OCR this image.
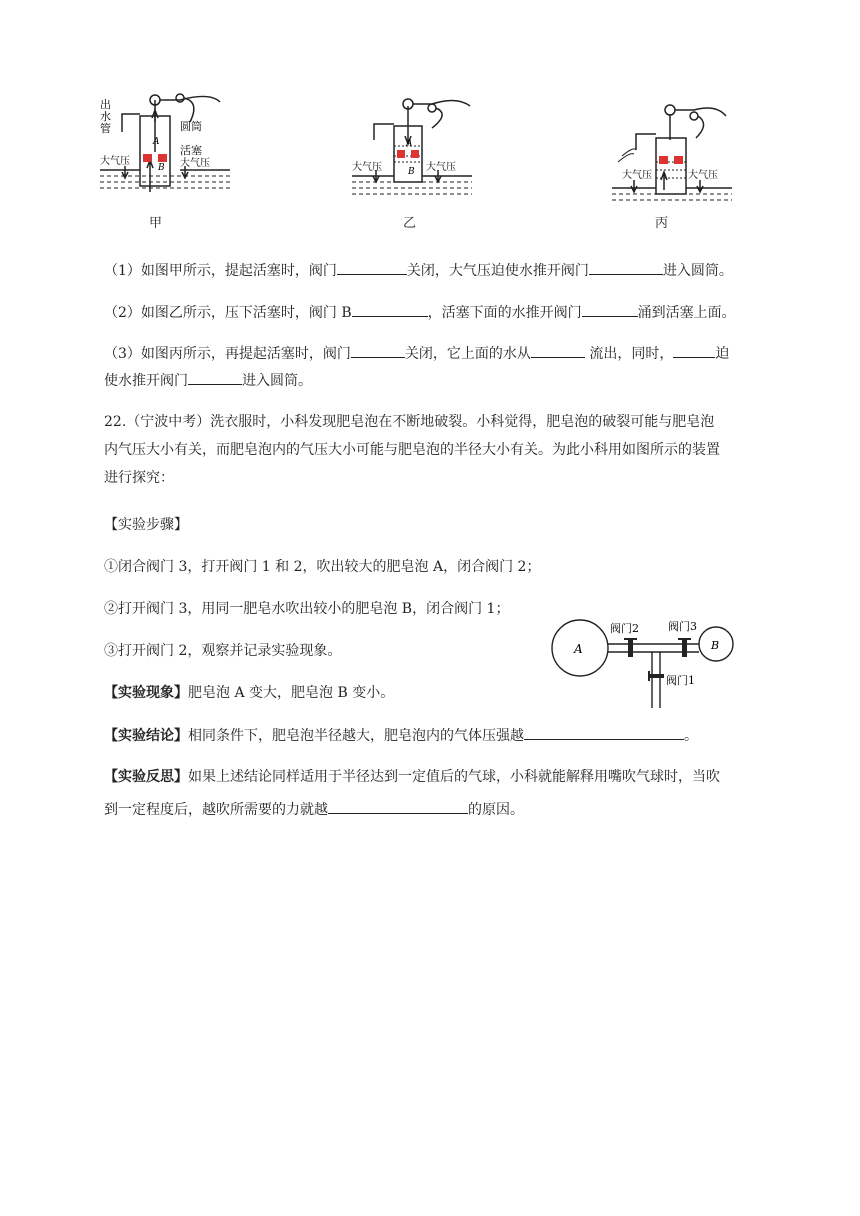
出
水
管	圆筒
活塞
大气压	大气压
A
B
甲
大气压	大气压
A
B
乙
大气压	大气压
丙
（1）如图甲所示，提起活塞时，阀门	关闭，大气压迫使水推开阀门	进入圆筒。
（2）如图乙所示，压下活塞时，阀门 B	，活塞下面的水推开阀门	涌到活塞上面。
（3）如图丙所示，再提起活塞时，阀门	关闭，它上面的水从	流出，同时，	迫
使水推开阀门	进入圆筒。
22.（宁波中考）洗衣服时，小科发现肥皂泡在不断地破裂。小科觉得，肥皂泡的破裂可能与肥皂泡
内气压大小有关，而肥皂泡内的气压大小可能与肥皂泡的半径大小有关。为此小科用如图所示的装置
进行探究：
【实验步骤】
①闭合阀门 3，打开阀门 1 和 2，吹出较大的肥皂泡 A，闭合阀门 2；
②打开阀门 3，用同一肥皂水吹出较小的肥皂泡 B，闭合阀门 1；
③打开阀门 2，观察并记录实验现象。
【实验现象】肥皂泡 A 变大，肥皂泡 B 变小。
【实验结论】相同条件下，肥皂泡半径越大，肥皂泡内的气体压强越	。
【实验反思】如果上述结论同样适用于半径达到一定值后的气球，小科就能解释用嘴吹气球时，当吹
到一定程度后，越吹所需要的力就越	的原因。
A	B
阀门2	阀门3
阀门1
